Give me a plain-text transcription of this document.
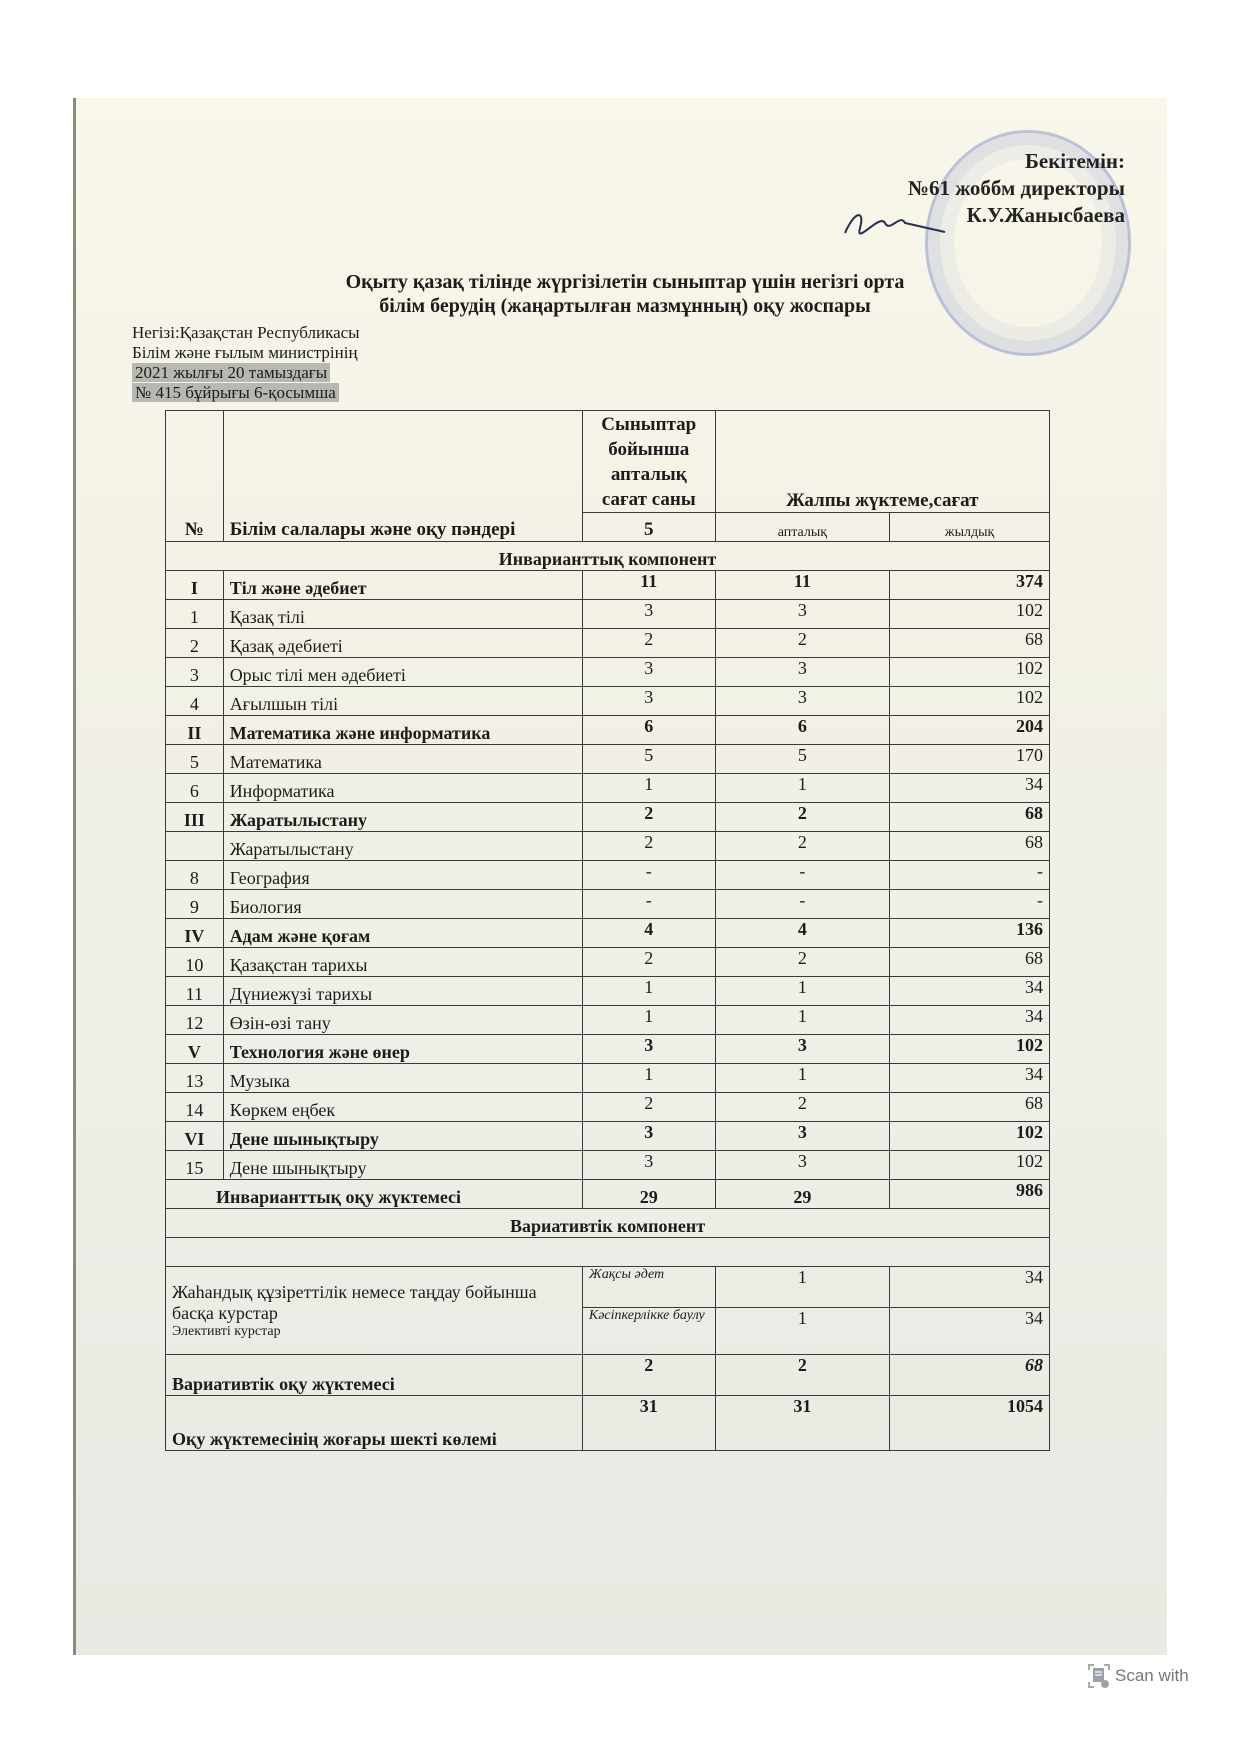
Бекітемін:
№61 жоббм директоры
К.У.Жаныcбаева
Оқыту қазақ тілінде жүргізілетін сыныптар үшін негізгі орта
білім берудің (жаңартылған мазмұнның) оқу жоспары
Негізі:Қазақстан Республикасы
Білім және ғылым министрінің
2021 жылғы 20 тамыздағы
№ 415 бұйрығы 6-қосымша
№	Білім салалары және оқу пәндері	Сыныптар бойынша апталық сағат саны	Жалпы жүктеме,сағат	
		5	апталық	жылдық
Инварианттық компонент				
I	Тіл және әдебиет	11	11	374
1	Қазақ тілі	3	3	102
2	Қазақ әдебиеті	2	2	68
3	Орыс тілі мен әдебиеті	3	3	102
4	Ағылшын тілі	3	3	102
II	Математика және информатика	6	6	204
5	Математика	5	5	170
6	Информатика	1	1	34
III	Жаратылыстану	2	2	68
	Жаратылыстану	2	2	68
8	География	-	-	-
9	Биология	-	-	-
IV	Адам және қоғам	4	4	136
10	Қазақстан тарихы	2	2	68
11	Дүниежүзі тарихы	1	1	34
12	Өзін-өзі тану	1	1	34
V	Технология және өнер	3	3	102
13	Музыка	1	1	34
14	Көркем еңбек	2	2	68
VI	Дене шынықтыру	3	3	102
15	Дене шынықтыру	3	3	102
Инварианттық оқу жүктемесі		29	29	986
Вариативтік компонент				

Жаһандық құзіреттілік немесе таңдау бойынша басқа курстар
Элективті курстар		Жақсы әдет	1	34
		Кәсіпкерлікке баулу	1	34
Вариативтік оқу жүктемесі		2	2	68
Оқу жүктемесінің жоғары шекті көлемі		31	31	1054
Scan with
